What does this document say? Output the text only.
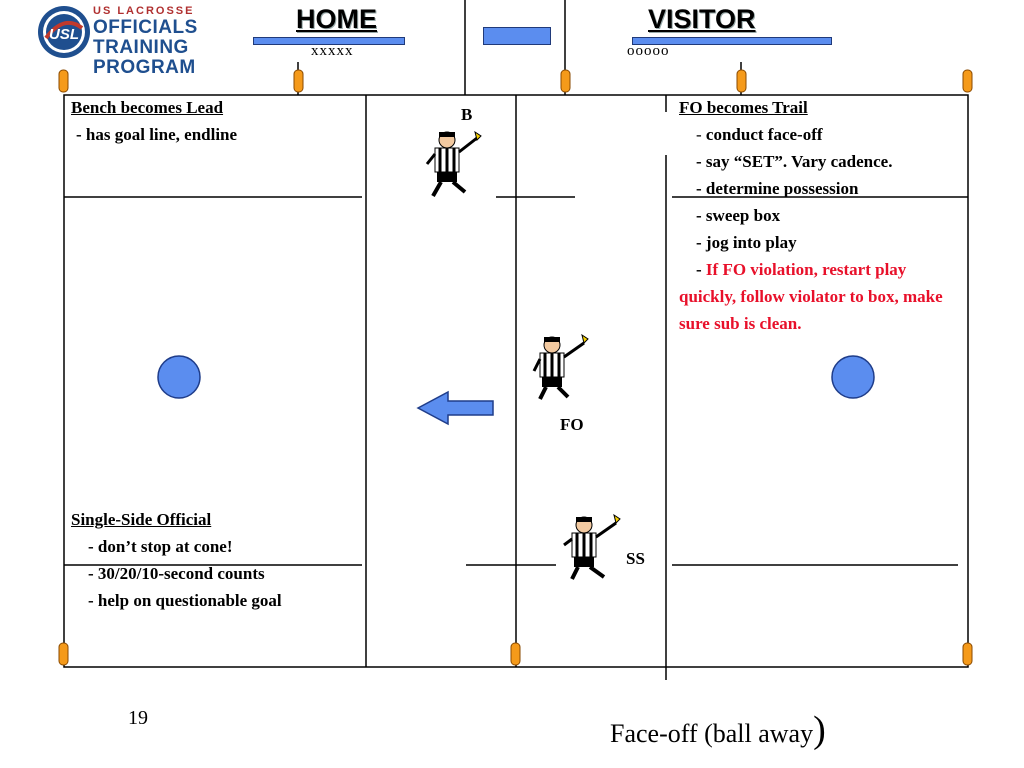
USL
US LACROSSE
OFFICIALS
TRAINING
PROGRAM
HOME	VISITOR
xxxxx	ooooo
B
FO
SS
Bench becomes Lead
- has goal line, endline
Single-Side Official
- don’t stop at cone!
- 30/20/10-second counts
- help on questionable goal
FO becomes Trail
- conduct face-off
- say “SET”. Vary cadence.
- determine possession
- sweep box
- jog into play
- If FO violation, restart play quickly, follow violator to box, make sure sub is clean.
19
Face-off (ball away)
